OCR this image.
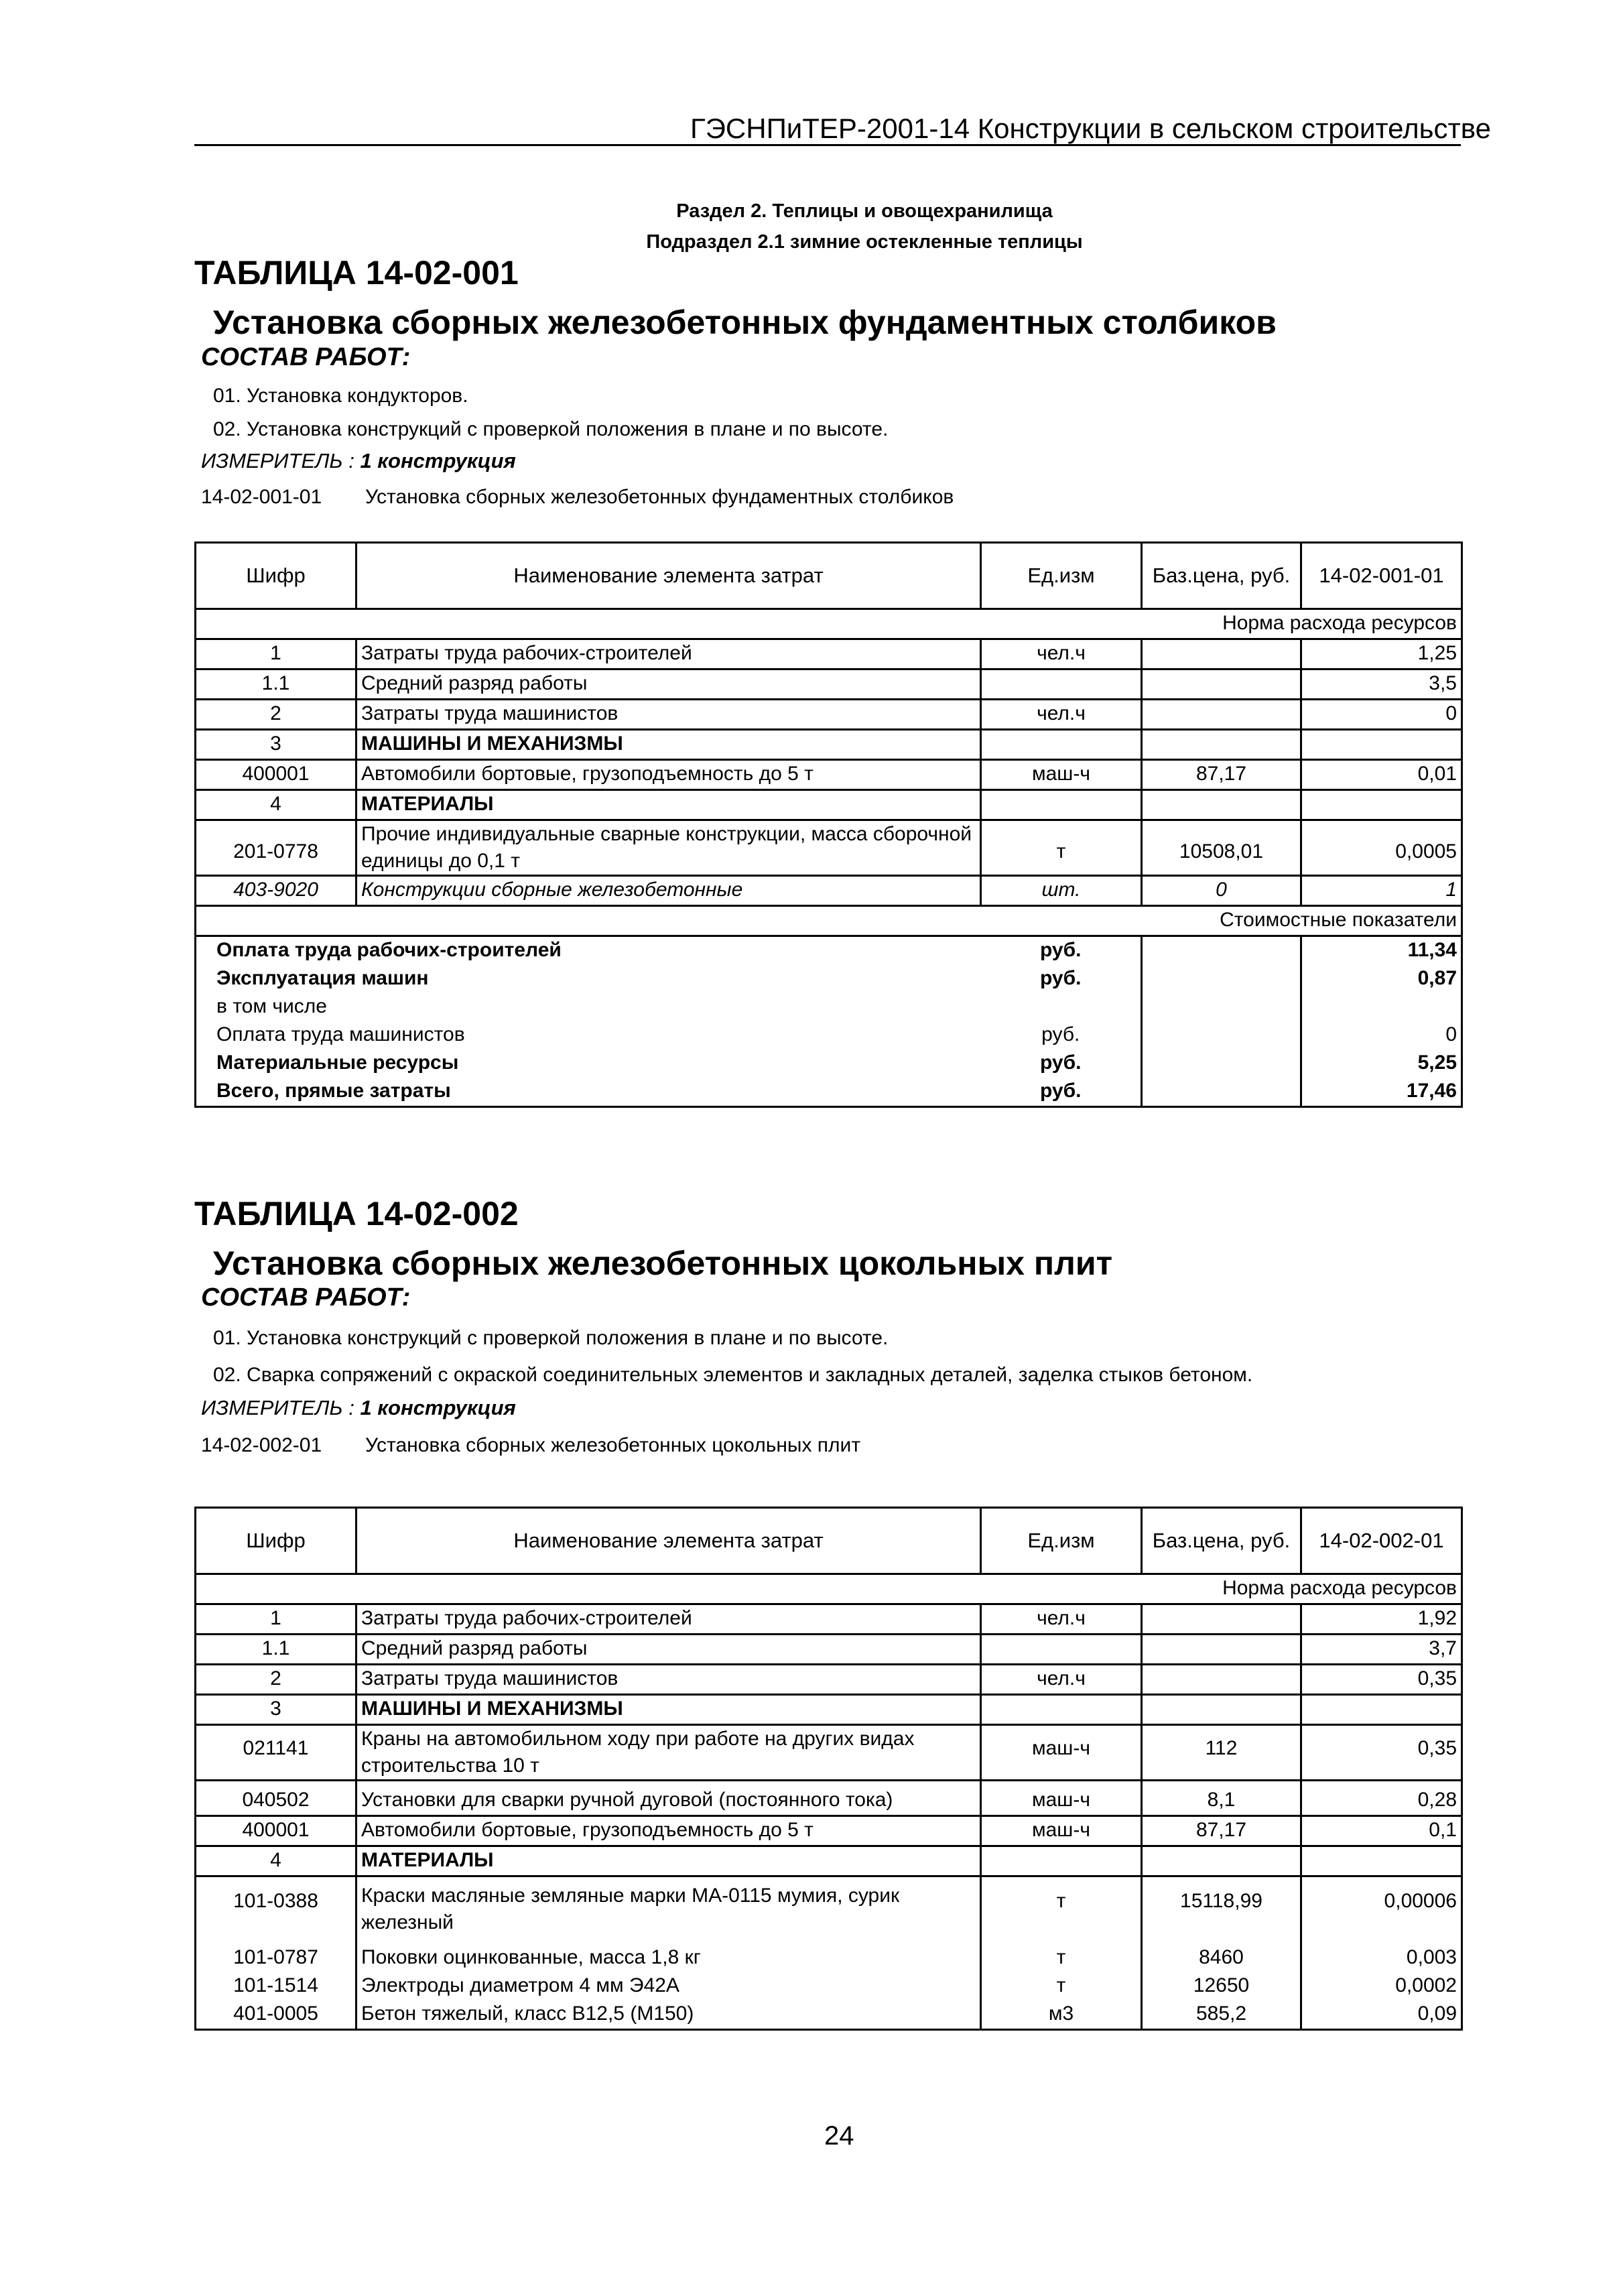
ГЭСНПиТЕР-2001-14 Конструкции в сельском строительстве
Раздел 2. Теплицы и овощехранилища
Подраздел 2.1 зимние остекленные теплицы
ТАБЛИЦА 14-02-001
Установка сборных железобетонных фундаментных столбиков
СОСТАВ РАБОТ:
01. Установка кондукторов.
02. Установка конструкций с проверкой положения в плане и по высоте.
ИЗМЕРИТЕЛЬ : 1 конструкция
14-02-001-01 Установка сборных железобетонных фундаментных столбиков
Шифр	Наименование элемента затрат	Ед.изм	Баз.цена, руб.	14-02-001-01
Норма расхода ресурсов				
1	Затраты труда рабочих-строителей	чел.ч		1,25
1.1	Средний разряд работы			3,5
2	Затраты труда машинистов	чел.ч		0
3	МАШИНЫ И МЕХАНИЗМЫ			
400001	Автомобили бортовые, грузоподъемность до 5 т	маш-ч	87,17	0,01
4	МАТЕРИАЛЫ			
201-0778	Прочие индивидуальные сварные конструкции, масса сборочной единицы до 0,1 т	т	10508,01	0,0005
403-9020	Конструкции сборные железобетонные	шт.	0	1
Стоимостные показатели				
Оплата труда рабочих-строителей		руб.		11,34
Эксплуатация машин		руб.		0,87
в том числе				
Оплата труда машинистов		руб.		0
Материальные ресурсы		руб.		5,25
Всего, прямые затраты		руб.		17,46
ТАБЛИЦА 14-02-002
Установка сборных железобетонных цокольных плит
СОСТАВ РАБОТ:
01. Установка конструкций с проверкой положения в плане и по высоте.
02. Сварка сопряжений с окраской соединительных элементов и закладных деталей, заделка стыков бетоном.
ИЗМЕРИТЕЛЬ : 1 конструкция
14-02-002-01 Установка сборных железобетонных цокольных плит
Шифр	Наименование элемента затрат	Ед.изм	Баз.цена, руб.	14-02-002-01
Норма расхода ресурсов				
1	Затраты труда рабочих-строителей	чел.ч		1,92
1.1	Средний разряд работы			3,7
2	Затраты труда машинистов	чел.ч		0,35
3	МАШИНЫ И МЕХАНИЗМЫ			
021141	Краны на автомобильном ходу при работе на других видах строительства 10 т	маш-ч	112	0,35
040502	Установки для сварки ручной дуговой (постоянного тока)	маш-ч	8,1	0,28
400001	Автомобили бортовые, грузоподъемность до 5 т	маш-ч	87,17	0,1
4	МАТЕРИАЛЫ			
101-0388	Краски масляные земляные марки МА-0115 мумия, сурик железный	т	15118,99	0,00006
101-0787	Поковки оцинкованные, масса 1,8 кг	т	8460	0,003
101-1514	Электроды диаметром 4 мм Э42А	т	12650	0,0002
401-0005	Бетон тяжелый, класс В12,5 (М150)	м3	585,2	0,09
24
